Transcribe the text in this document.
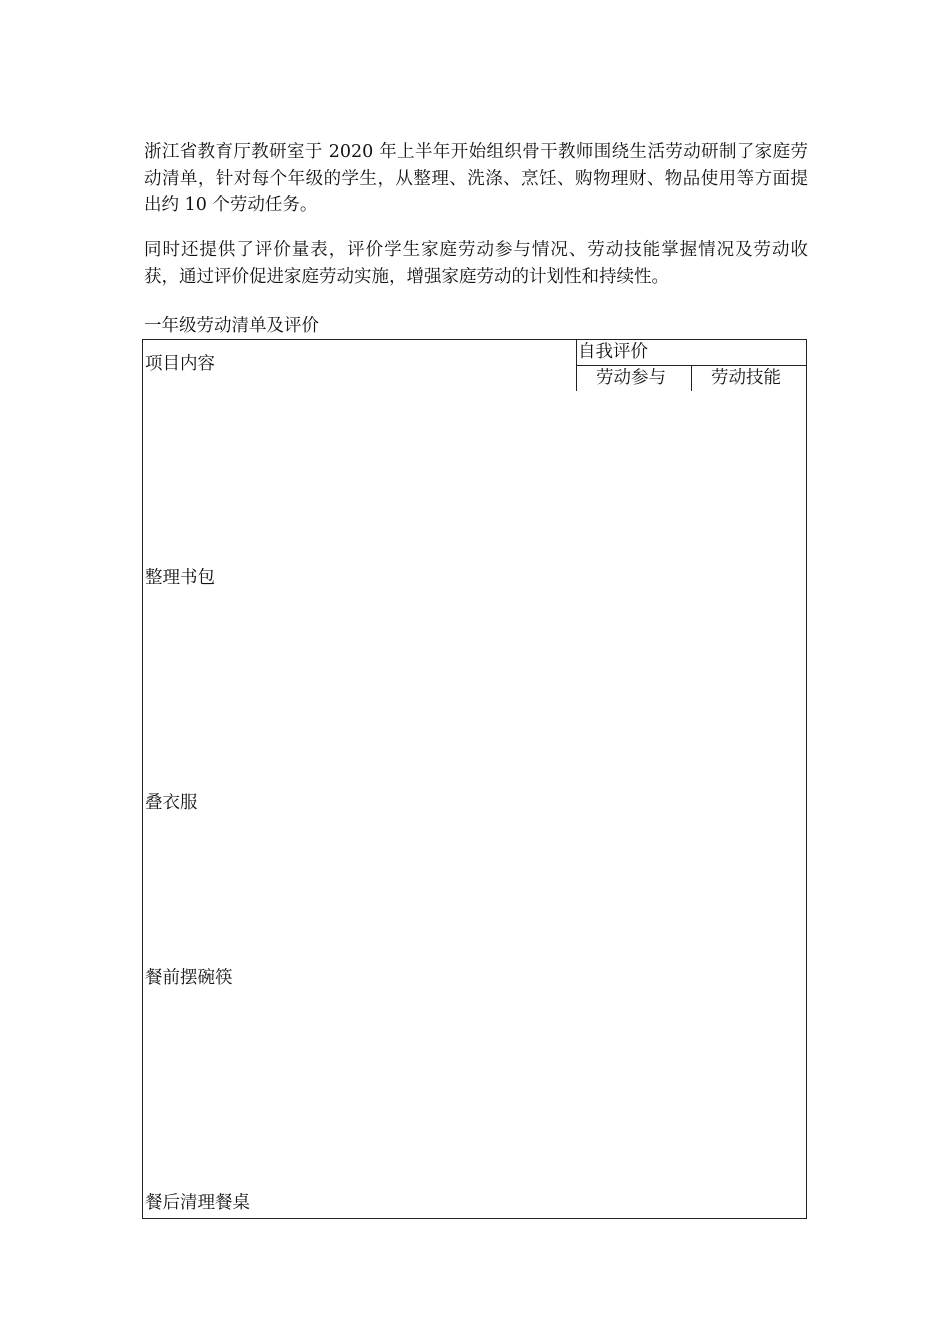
浙江省教育厅教研室于 2020 年上半年开始组织骨干教师围绕生活劳动研制了家庭劳动清单，针对每个年级的学生，从整理、洗涤、烹饪、购物理财、物品使用等方面提出约 10 个劳动任务。

同时还提供了评价量表，评价学生家庭劳动参与情况、劳动技能掌握情况及劳动收获，通过评价促进家庭劳动实施，增强家庭劳动的计划性和持续性。

一年级劳动清单及评价
项目内容
自我评价
劳动参与	劳动技能
整理书包
叠衣服
餐前摆碗筷
餐后清理餐桌
